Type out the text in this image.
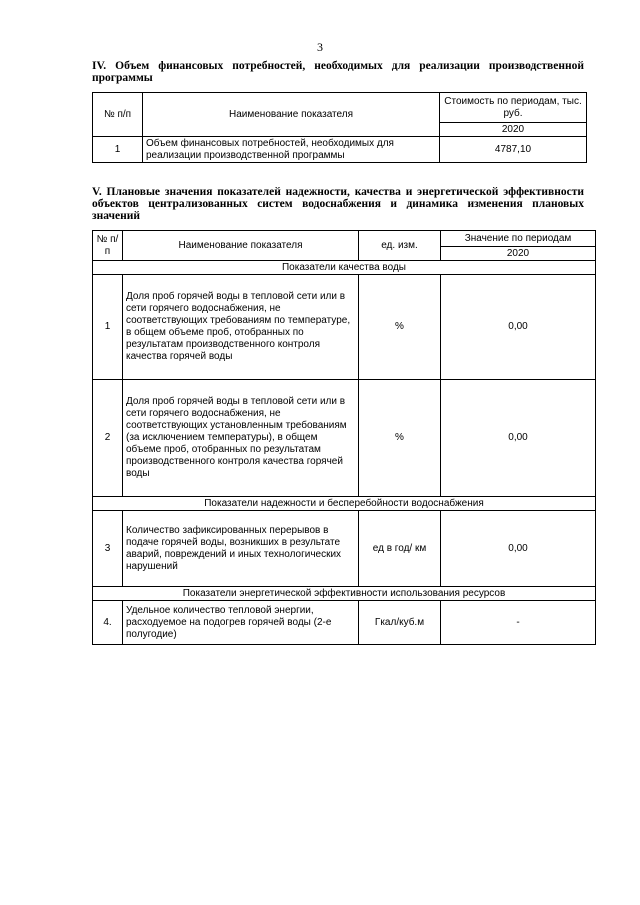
3
IV. Объем финансовых потребностей, необходимых для реализации производственной программы
№ п/п	Наименование показателя	Стоимость по периодам, тыс. руб.
		2020
1	Объем финансовых потребностей, необходимых для реализации производственной программы	4787,10
V. Плановые значения показателей надежности, качества и энергетической эффективности объектов централизованных систем водоснабжения и динамика изменения плановых значений
№ п/п	Наименование показателя	ед. изм.	Значение по периодам
			2020
Показатели качества воды			
1	Доля проб горячей воды в тепловой сети или в сети горячего водоснабжения, не соответствующих требованиям по температуре, в общем объеме проб, отобранных по результатам производственного контроля качества горячей воды	%	0,00
2	Доля проб горячей воды в тепловой сети или в сети горячего водоснабжения, не соответствующих установленным требованиям (за исключением температуры), в общем объеме проб, отобранных по результатам производственного контроля качества горячей воды	%	0,00
Показатели надежности и бесперебойности водоснабжения			
3	Количество зафиксированных перерывов в подаче горячей воды, возникших в результате аварий, повреждений и иных технологических нарушений	ед в год/ км	0,00
Показатели энергетической эффективности использования ресурсов			
4.	Удельное количество тепловой энергии, расходуемое на подогрев горячей воды (2-е полугодие)	Гкал/куб.м	-
